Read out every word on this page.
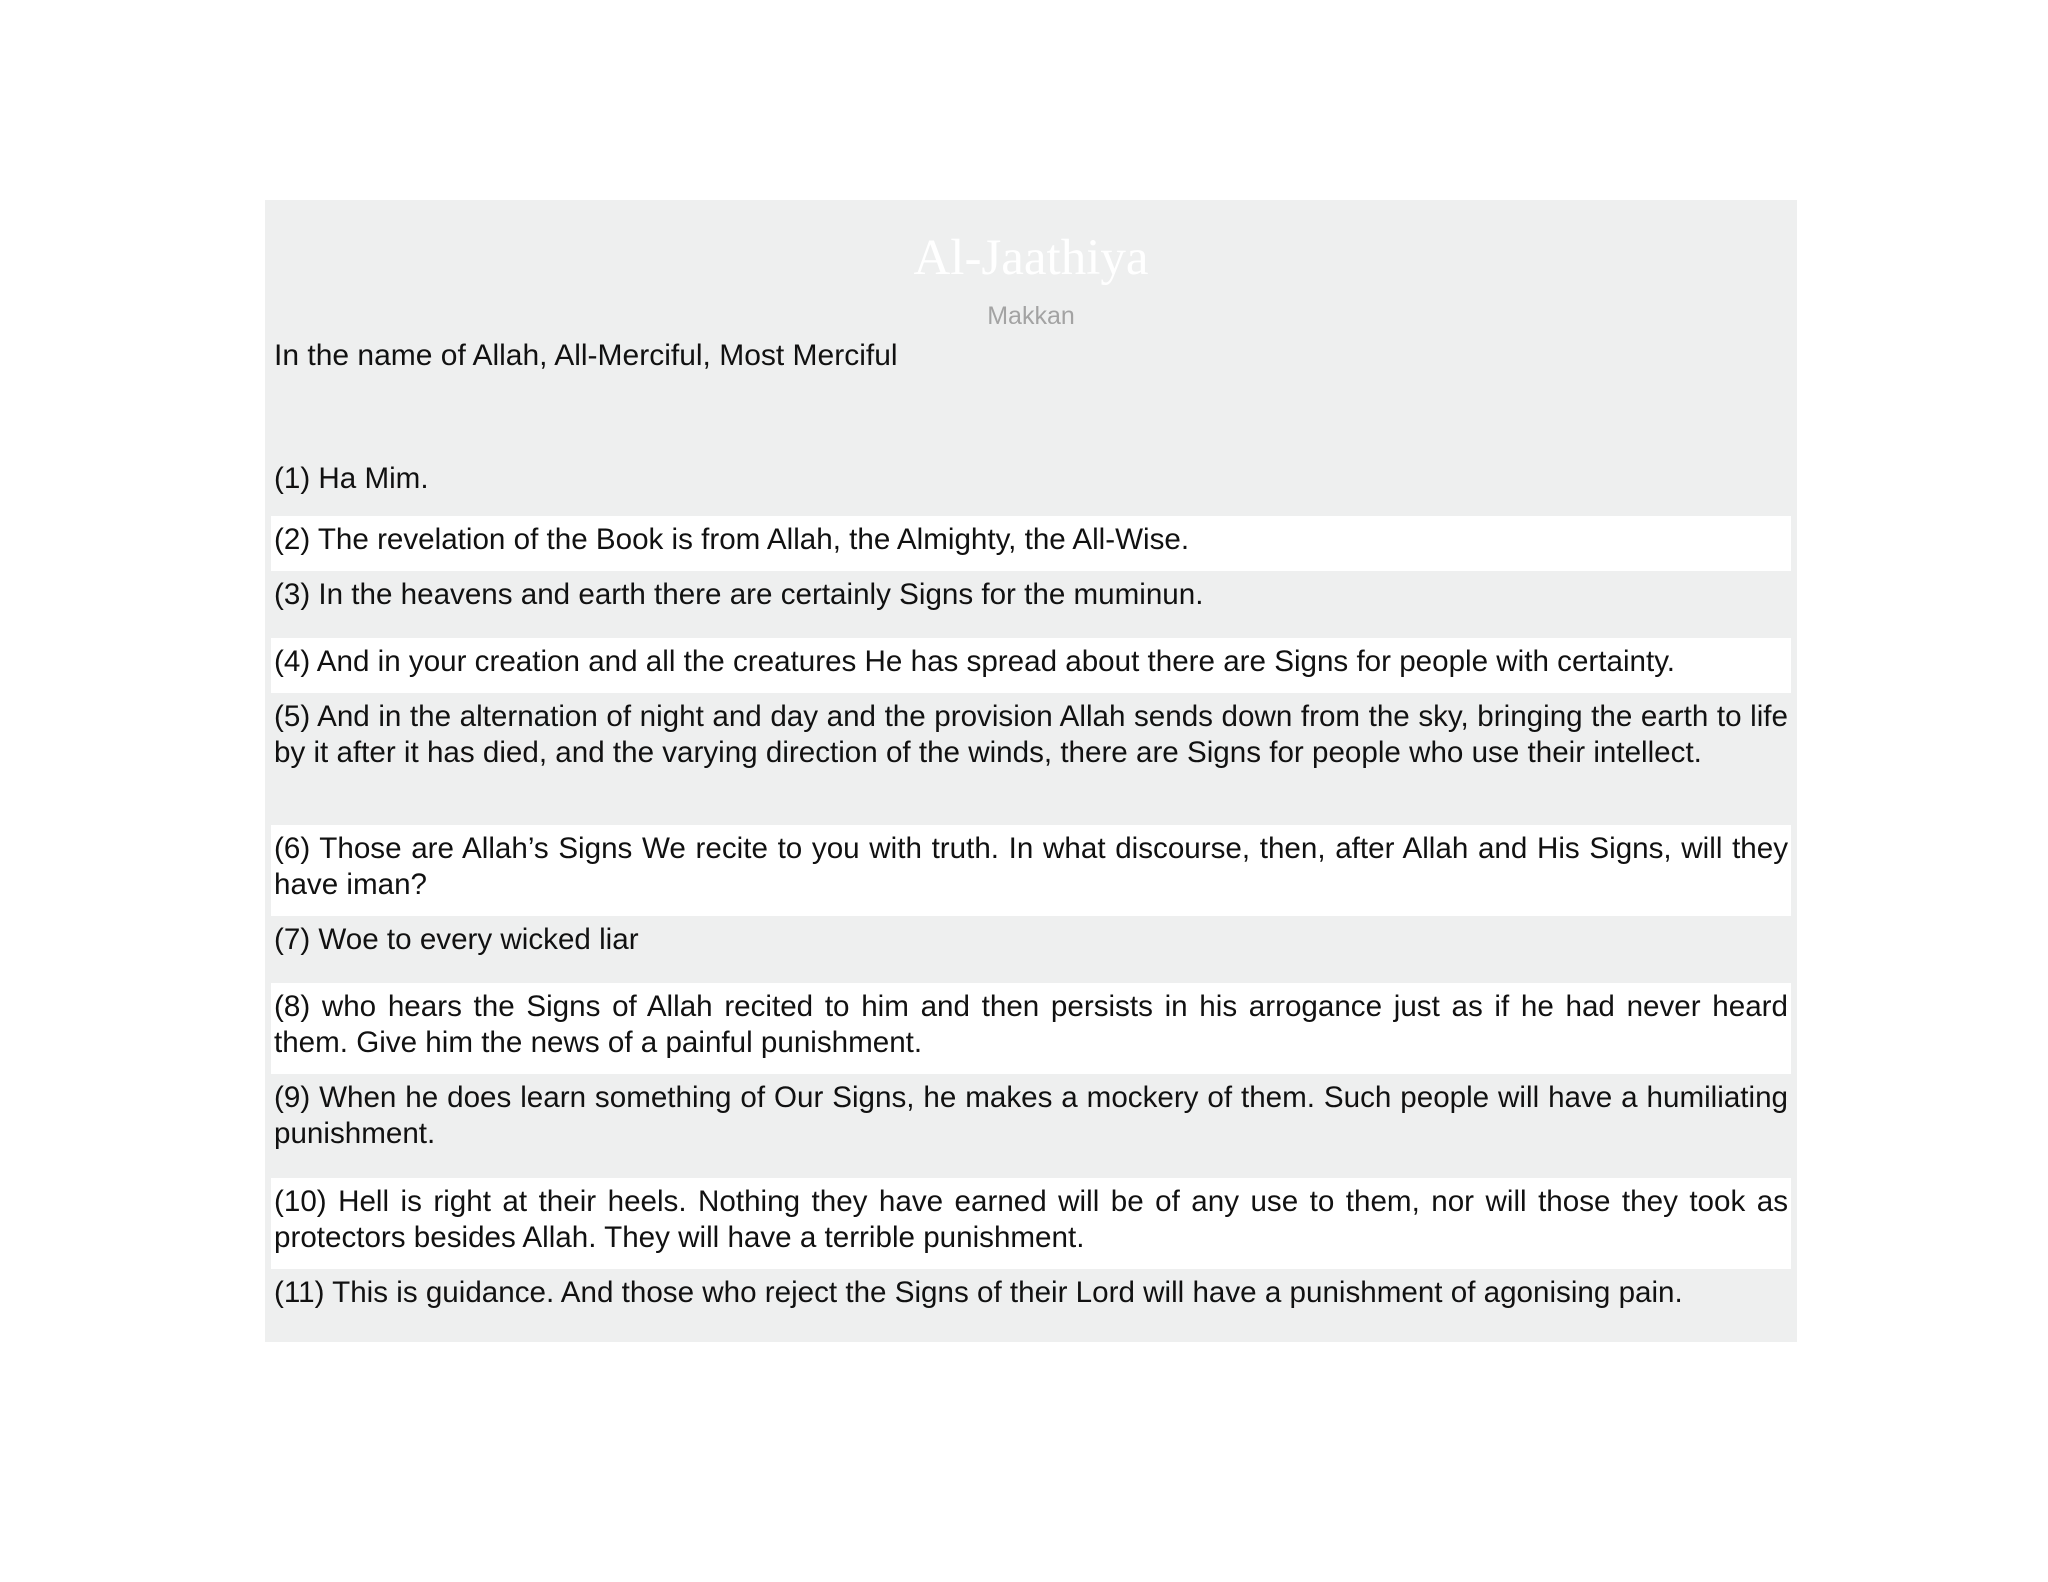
Al-Jaathiya
Makkan
In the name of Allah, All-Merciful, Most Merciful
(1) Ha Mim.
(2) The revelation of the Book is from Allah, the Almighty, the All-Wise.
(3) In the heavens and earth there are certainly Signs for the muminun.
(4) And in your creation and all the creatures He has spread about there are Signs for people with certainty.
(5) And in the alternation of night and day and the provision Allah sends down from the sky, bringing the earth to life by it after it has died, and the varying direction of the winds, there are Signs for people who use their intellect.
(6) Those are Allah’s Signs We recite to you with truth. In what discourse, then, after Allah and His Signs, will they have iman?
(7) Woe to every wicked liar
(8) who hears the Signs of Allah recited to him and then persists in his arrogance just as if he had never heard them. Give him the news of a painful punishment.
(9) When he does learn something of Our Signs, he makes a mockery of them. Such people will have a humiliating punishment.
(10) Hell is right at their heels. Nothing they have earned will be of any use to them, nor will those they took as protectors besides Allah. They will have a terrible punishment.
(11) This is guidance. And those who reject the Signs of their Lord will have a punishment of agonising pain.
